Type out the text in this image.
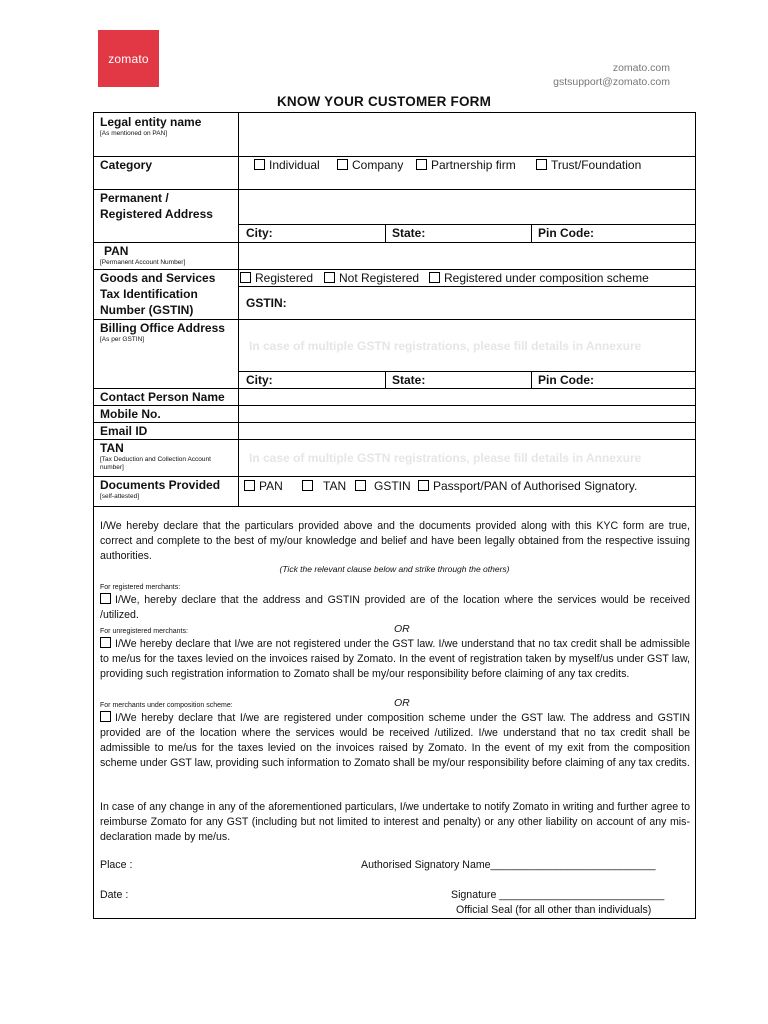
zomato
zomato.com
gstsupport@zomato.com
KNOW YOUR CUSTOMER FORM
Legal entity name
[As mentioned on PAN]
Category	Individual	Company	Partnership firm	Trust/Foundation
Permanent / Registered Address
City:	State:	Pin Code:
PAN
[Permanent Account Number]
Goods and Services Tax Identification Number (GSTIN)
Registered	Not Registered	Registered under composition scheme
GSTIN:
Billing Office Address
[As per GSTIN]	In case of multiple GSTN registrations, please fill details in Annexure
City:	State:	Pin Code:
Contact Person Name
Mobile No.
Email ID
TAN
[Tax Deduction and Collection Account number]
In case of multiple GSTN registrations, please fill details in Annexure
Documents Provided
[self-attested]
PAN	TAN	GSTIN	Passport/PAN of Authorised Signatory.
I/We hereby declare that the particulars provided above and the documents provided along with this KYC form are true, correct and complete to the best of my/our knowledge and belief and have been legally obtained from the respective issuing authorities.
(Tick the relevant clause below and strike through the others)
For registered merchants:
I/We, hereby declare that the address and GSTIN provided are of the location where the services would be received /utilized.
For unregistered merchants:	OR
I/We hereby declare that I/we are not registered under the GST law. I/we understand that no tax credit shall be admissible to me/us for the taxes levied on the invoices raised by Zomato. In the event of registration taken by myself/us under GST law, providing such registration information to Zomato shall be my/our responsibility before claiming of any tax credits.
For merchants under composition scheme:	OR
I/We hereby declare that I/we are registered under composition scheme under the GST law. The address and GSTIN provided are of the location where the services would be received /utilized. I/we understand that no tax credit shall be admissible to me/us for the taxes levied on the invoices raised by Zomato. In the event of my exit from the composition scheme under GST law, providing such information to Zomato shall be my/our responsibility before claiming of any tax credits.
In case of any change in any of the aforementioned particulars, I/we undertake to notify Zomato in writing and further agree to reimburse Zomato for any GST (including but not limited to interest and penalty) or any other liability on account of any mis-declaration made by me/us.
Place :	Authorised Signatory Name____________________________
Date :	Signature ____________________________
Official Seal (for all other than individuals)
